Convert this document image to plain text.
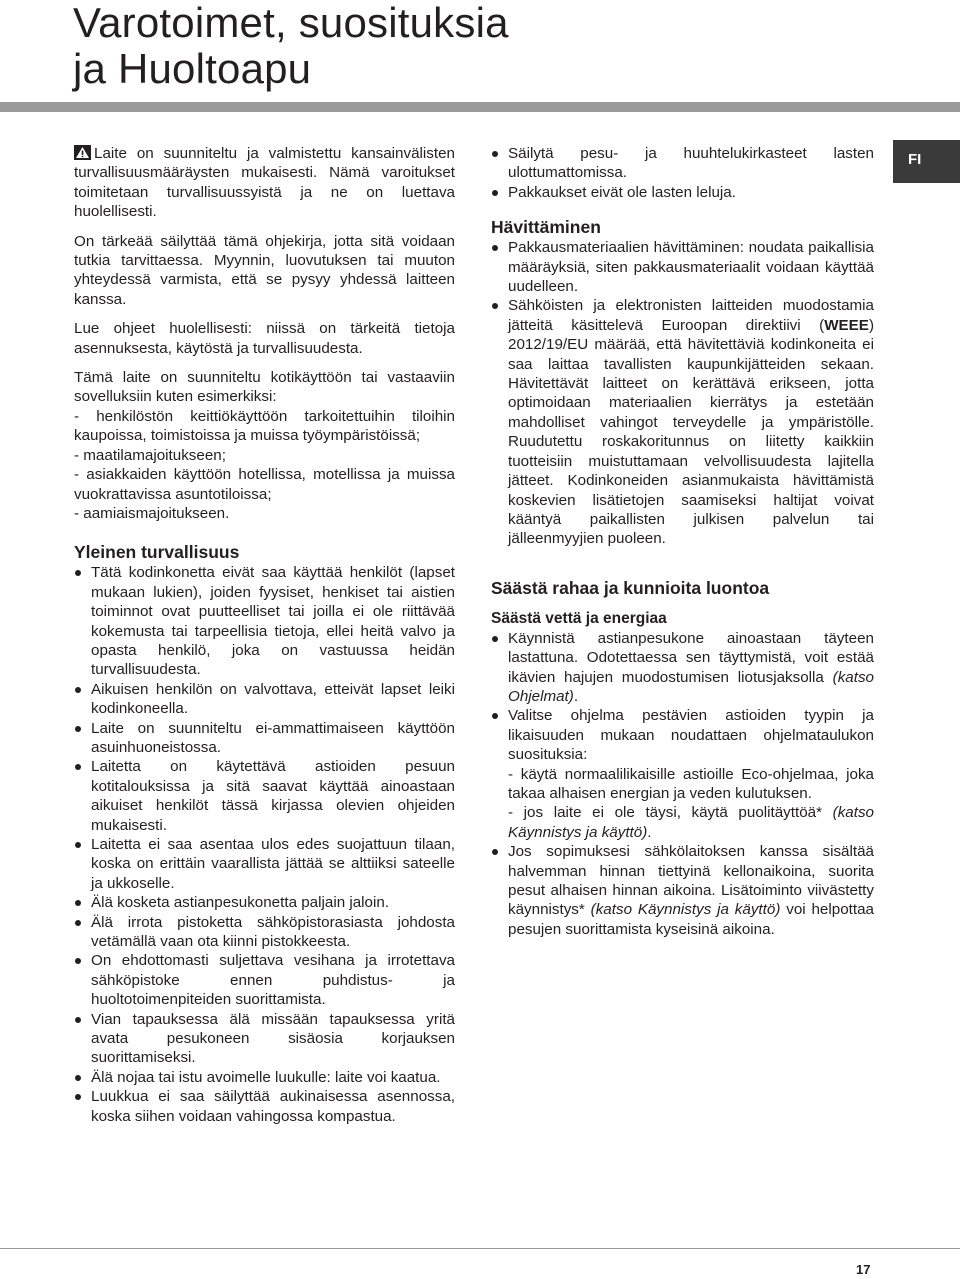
Varotoimet, suosituksia
ja Huoltoapu
FI

Laite on suunniteltu ja valmistettu kansainvälisten turvallisuusmääräysten mukaisesti. Nämä varoitukset toimitetaan turvallisuussyistä ja ne on luettava huolellisesti.

On tärkeää säilyttää tämä ohjekirja, jotta sitä voidaan tutkia tarvittaessa. Myynnin, luovutuksen tai muuton yhteydessä varmista, että se pysyy yhdessä laitteen kanssa.

Lue ohjeet huolellisesti: niissä on tärkeitä tietoja asennuksesta, käytöstä ja turvallisuudesta.

Tämä laite on suunniteltu kotikäyttöön tai vastaaviin sovelluksiin kuten esimerkiksi:

- henkilöstön keittiökäyttöön tarkoitettuihin tiloihin kaupoissa, toimistoissa ja muissa työympäristöissä;
- maatilamajoitukseen;
- asiakkaiden käyttöön hotellissa, motellissa ja muissa vuokrattavissa asuntotiloissa;
- aamiaismajoitukseen.
Yleinen turvallisuus
Tätä kodinkonetta eivät saa käyttää henkilöt (lapset mukaan lukien), joiden fyysiset, henkiset tai aistien toiminnot ovat puutteelliset tai joilla ei ole riittävää kokemusta tai tarpeellisia tietoja, ellei heitä valvo ja opasta henkilö, joka on vastuussa heidän turvallisuudesta.
Aikuisen henkilön on valvottava, etteivät lapset leiki kodinkoneella.
Laite on suunniteltu ei-ammattimaiseen käyttöön asuinhuoneistossa.
Laitetta on käytettävä astioiden pesuun kotitalouksissa ja sitä saavat käyttää ainoastaan aikuiset henkilöt tässä kirjassa olevien ohjeiden mukaisesti.
Laitetta ei saa asentaa ulos edes suojattuun tilaan, koska on erittäin vaarallista jättää se alttiiksi sateelle ja ukkoselle.
Älä kosketa astianpesukonetta paljain jaloin.
Älä irrota pistoketta sähköpistorasiasta johdosta vetämällä vaan ota kiinni pistokkeesta.
On ehdottomasti suljettava vesihana ja irrotettava sähköpistoke ennen puhdistus- ja huoltotoimenpiteiden suorittamista.
Vian tapauksessa älä missään tapauksessa yritä avata pesukoneen sisäosia korjauksen suorittamiseksi.
Älä nojaa tai istu avoimelle luukulle: laite voi kaatua.
Luukkua ei saa säilyttää aukinaisessa asennossa, koska siihen voidaan vahingossa kompastua.
Säilytä pesu- ja huuhtelukirkasteet lasten ulottumattomissa.
Pakkaukset eivät ole lasten leluja.
Hävittäminen
Pakkausmateriaalien hävittäminen: noudata paikallisia määräyksiä, siten pakkausmateriaalit voidaan käyttää uudelleen.
Sähköisten ja elektronisten laitteiden muodostamia jätteitä käsittelevä Euroopan direktiivi (WEEE) 2012/19/EU määrää, että hävitettäviä kodinkoneita ei saa laittaa tavallisten kaupunkijätteiden sekaan. Hävitettävät laitteet on kerättävä erikseen, jotta optimoidaan materiaalien kierrätys ja estetään mahdolliset vahingot terveydelle ja ympäristölle. Ruudutettu roskakoritunnus on liitetty kaikkiin tuotteisiin muistuttamaan velvollisuudesta lajitella jätteet. Kodinkoneiden asianmukaista hävittämistä koskevien lisätietojen saamiseksi haltijat voivat kääntyä paikallisten julkisen palvelun tai jälleenmyyjien puoleen.
Säästä rahaa ja kunnioita luontoa
Säästä vettä ja energiaa
Käynnistä astianpesukone ainoastaan täyteen lastattuna. Odotettaessa sen täyttymistä, voit estää ikävien hajujen muodostumisen liotusjaksolla (katso Ohjelmat).
Valitse ohjelma pestävien astioiden tyypin ja likaisuuden mukaan noudattaen ohjelmataulukon suosituksia:
- käytä normaalilikaisille astioille Eco-ohjelmaa, joka takaa alhaisen energian ja veden kulutuksen.
- jos laite ei ole täysi, käytä puolitäyttöä* (katso Käynnistys ja käyttö).
Jos sopimuksesi sähkölaitoksen kanssa sisältää halvemman hinnan tiettyinä kellonaikoina, suorita pesut alhaisen hinnan aikoina. Lisätoiminto viivästetty käynnistys* (katso Käynnistys ja käyttö) voi helpottaa pesujen suorittamista kyseisinä aikoina.
17
